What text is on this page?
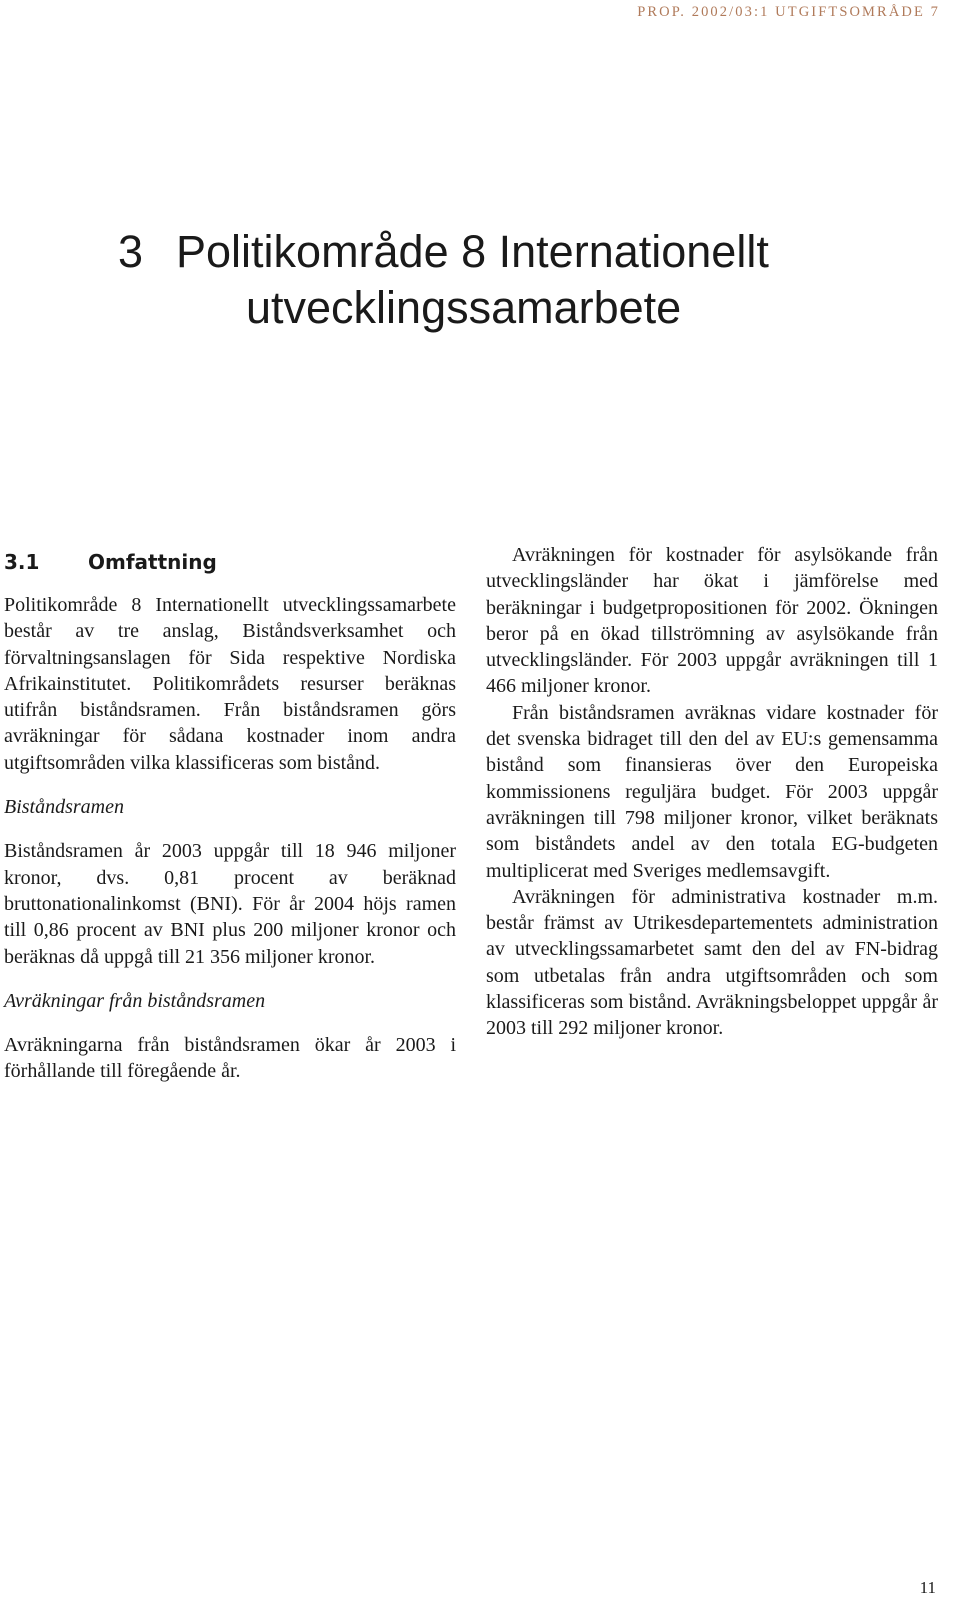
PROP. 2002/03:1 UTGIFTSOMRÅDE 7
3 Politikområde 8 Internationellt
utvecklingssamarbete
3.1 Omfattning

Politikområde 8 Internationellt utvecklingssamarbete består av tre anslag, Biståndsverksamhet och förvaltningsanslagen för Sida respektive Nordiska Afrikainstitutet. Politikområdets resurser beräknas utifrån biståndsramen. Från biståndsramen görs avräkningar för sådana kostnader inom andra utgiftsområden vilka klassificeras som bistånd.

Biståndsramen

Biståndsramen år 2003 uppgår till 18 946 miljoner kronor, dvs. 0,81 procent av beräknad bruttonationalinkomst (BNI). För år 2004 höjs ramen till 0,86 procent av BNI plus 200 miljoner kronor och beräknas då uppgå till 21 356 miljoner kronor.

Avräkningar från biståndsramen

Avräkningarna från biståndsramen ökar år 2003 i förhållande till föregående år.

Avräkningen för kostnader för asylsökande från utvecklingsländer har ökat i jämförelse med beräkningar i budgetpropositionen för 2002. Ökningen beror på en ökad tillströmning av asylsökande från utvecklingsländer. För 2003 uppgår avräkningen till 1 466 miljoner kronor.

Från biståndsramen avräknas vidare kostnader för det svenska bidraget till den del av EU:s gemensamma bistånd som finansieras över den Europeiska kommissionens reguljära budget. För 2003 uppgår avräkningen till 798 miljoner kronor, vilket beräknats som biståndets andel av den totala EG-budgeten multiplicerat med Sveriges medlemsavgift.

Avräkningen för administrativa kostnader m.m. består främst av Utrikesdepartementets administration av utvecklingssamarbetet samt den del av FN-bidrag som utbetalas från andra utgiftsområden och som klassificeras som bistånd. Avräkningsbeloppet uppgår år 2003 till 292 miljoner kronor.

11
